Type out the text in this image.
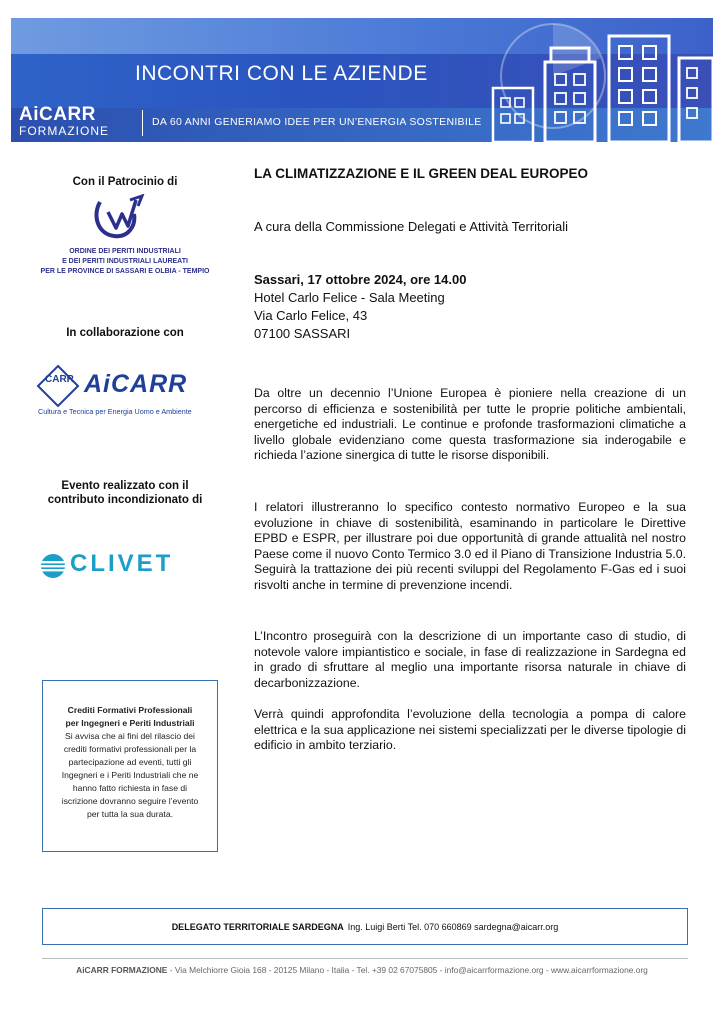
INCONTRI CON LE AZIENDE
AiCARR
FORMAZIONE
DA 60 ANNI GENERIAMO IDEE PER UN’ENERGIA SOSTENIBILE
Con il Patrocinio di
ORDINE DEI PERITI INDUSTRIALI
E DEI PERITI INDUSTRIALI LAUREATI
PER LE PROVINCE DI SASSARI E OLBIA - TEMPIO
In collaborazione con
CARR AiCARR
Cultura e Tecnica per Energia Uomo e Ambiente
Evento realizzato con il
contributo incondizionato di
CLIVET
Crediti Formativi Professionali
per Ingegneri e Periti Industriali
Si avvisa che ai fini del rilascio dei
crediti formativi professionali per la
partecipazione ad eventi, tutti gli
Ingegneri e i Periti Industriali che ne
hanno fatto richiesta in fase di
iscrizione dovranno seguire l’evento
per tutta la sua durata.
LA CLIMATIZZAZIONE E IL GREEN DEAL EUROPEO
A cura della Commissione Delegati e Attività Territoriali
Sassari, 17 ottobre 2024, ore 14.00
Hotel Carlo Felice - Sala Meeting
Via Carlo Felice, 43
07100 SASSARI
Da oltre un decennio l’Unione Europea è pioniere nella creazione di un percorso di efficienza e sostenibilità per tutte le proprie politiche ambientali, energetiche ed industriali. Le continue e profonde trasformazioni climatiche a livello globale evidenziano come questa trasformazione sia inderogabile e richieda l’azione sinergica di tutte le risorse disponibili.
I relatori illustreranno lo specifico contesto normativo Europeo e la sua evoluzione in chiave di sostenibilità, esaminando in particolare le Direttive EPBD e ESPR, per illustrare poi due opportunità di grande attualità nel nostro Paese come il nuovo Conto Termico 3.0 ed il Piano di Transizione Industria 5.0. Seguirà la trattazione dei più recenti sviluppi del Regolamento F-Gas ed i suoi risvolti anche in termine di prevenzione incendi.
L’Incontro proseguirà con la descrizione di un importante caso di studio, di notevole valore impiantistico e sociale, in fase di realizzazione in Sardegna ed in grado di sfruttare al meglio una importante risorsa naturale in chiave di decarbonizzazione.
Verrà quindi approfondita l’evoluzione della tecnologia a pompa di calore elettrica e la sua applicazione nei sistemi specializzati per le diverse tipologie di edificio in ambito terziario.
DELEGATO TERRITORIALE SARDEGNA Ing. Luigi Berti Tel. 070 660869 sardegna@aicarr.org
AiCARR FORMAZIONE - Via Melchiorre Gioia 168 - 20125 Milano - Italia - Tel. +39 02 67075805 - info@aicarrformazione.org - www.aicarrformazione.org
